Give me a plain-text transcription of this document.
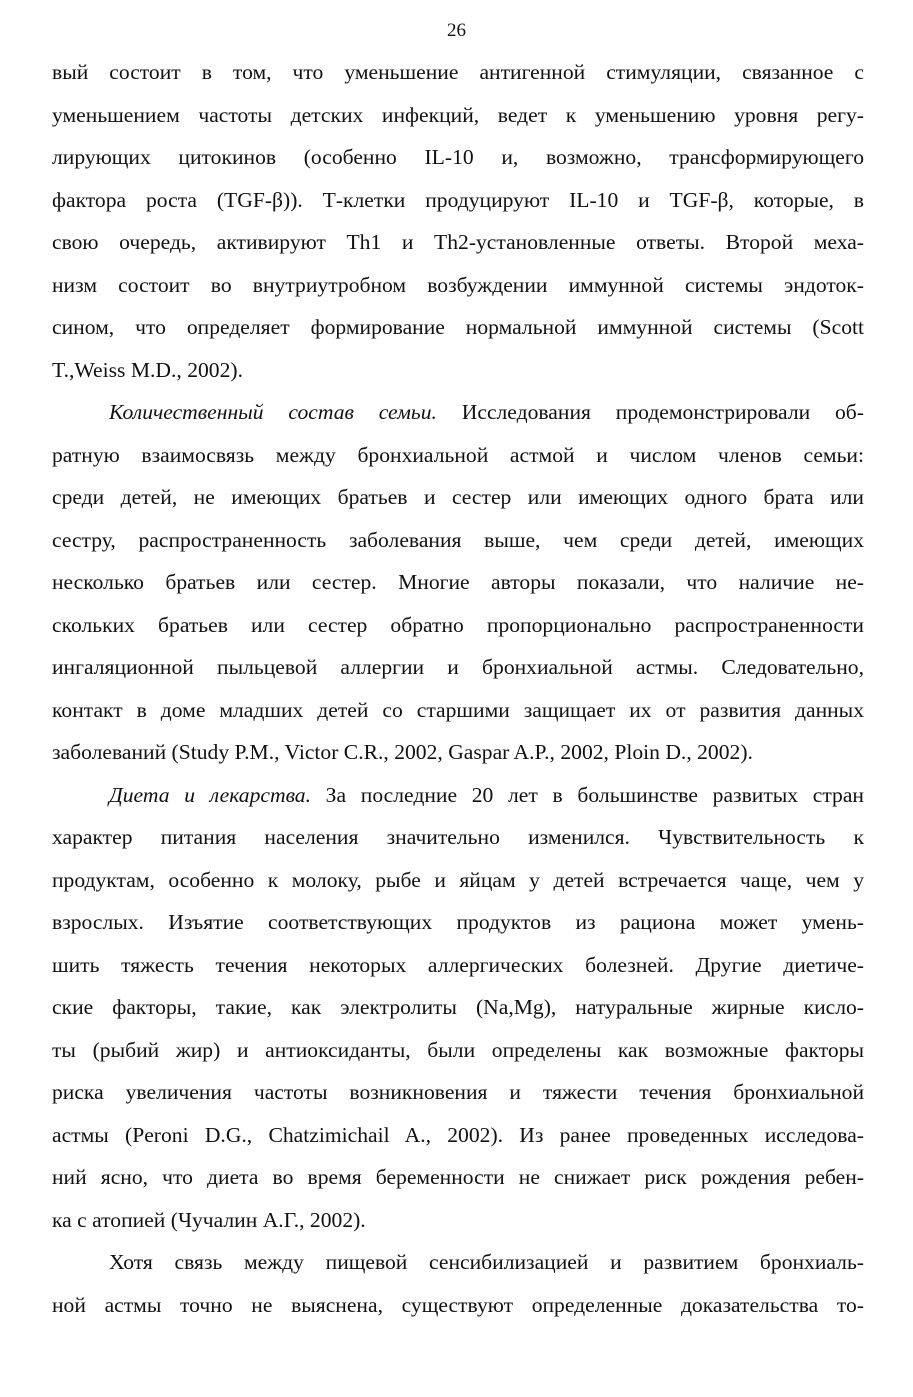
26
вый состоит в том, что уменьшение антигенной стимуляции, связанное с
уменьшением частоты детских инфекций, ведет к уменьшению уровня регу-
лирующих цитокинов (особенно IL-10 и, возможно, трансформирующего
фактора роста (TGF-β)). Т-клетки продуцируют IL-10 и TGF-β, которые, в
свою очередь, активируют Th1 и Th2-установленные ответы. Второй меха-
низм состоит во внутриутробном возбуждении иммунной системы эндоток-
сином, что определяет формирование нормальной иммунной системы (Scott
T.,Weiss M.D., 2002).
Количественный состав семьи. Исследования продемонстрировали об-
ратную взаимосвязь между бронхиальной астмой и числом членов семьи:
среди детей, не имеющих братьев и сестер или имеющих одного брата или
сестру, распространенность заболевания выше, чем среди детей, имеющих
несколько братьев или сестер. Многие авторы показали, что наличие не-
скольких братьев или сестер обратно пропорционально распространенности
ингаляционной пыльцевой аллергии и бронхиальной астмы. Следовательно,
контакт в доме младших детей со старшими защищает их от развития данных
заболеваний (Study P.M., Victor C.R., 2002, Gaspar A.P., 2002, Ploin D., 2002).
Диета и лекарства. За последние 20 лет в большинстве развитых стран
характер питания населения значительно изменился. Чувствительность к
продуктам, особенно к молоку, рыбе и яйцам у детей встречается чаще, чем у
взрослых. Изъятие соответствующих продуктов из рациона может умень-
шить тяжесть течения некоторых аллергических болезней. Другие диетиче-
ские факторы, такие, как электролиты (Na,Mg), натуральные жирные кисло-
ты (рыбий жир) и антиоксиданты, были определены как возможные факторы
риска увеличения частоты возникновения и тяжести течения бронхиальной
астмы (Peroni D.G., Chatzimichail A., 2002). Из ранее проведенных исследова-
ний ясно, что диета во время беременности не снижает риск рождения ребен-
ка с атопией (Чучалин А.Г., 2002).
Хотя связь между пищевой сенсибилизацией и развитием бронхиаль-
ной астмы точно не выяснена, существуют определенные доказательства то-
